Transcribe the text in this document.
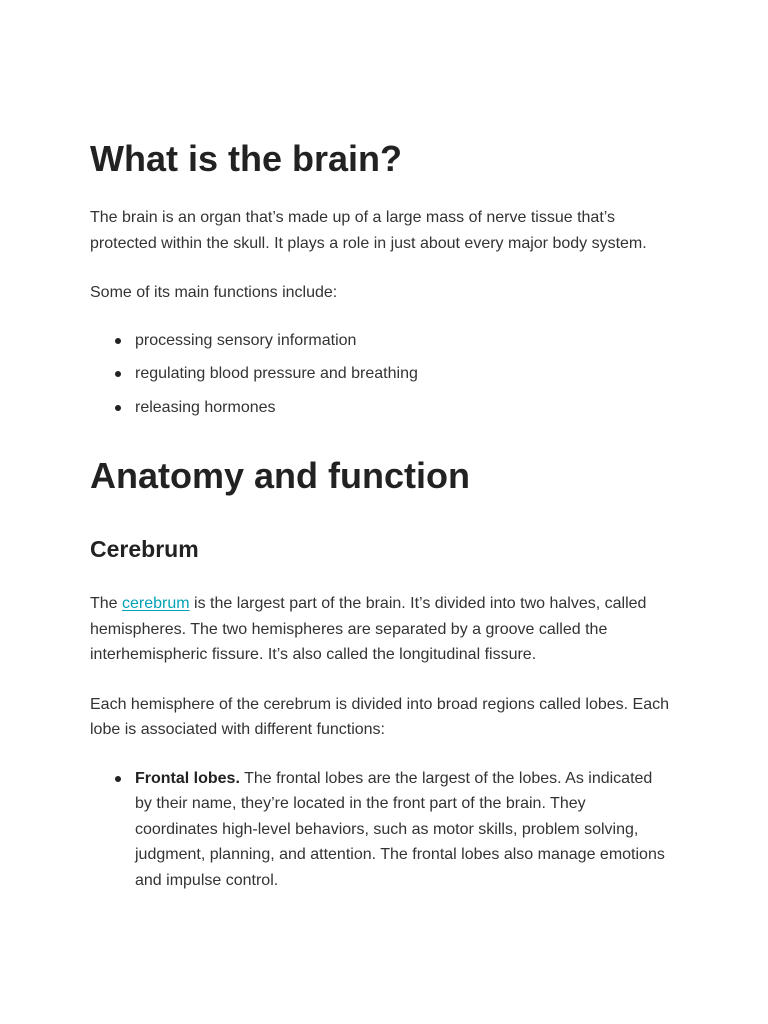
What is the brain?

The brain is an organ that’s made up of a large mass of nerve tissue that’s protected within the skull. It plays a role in just about every major body system.

Some of its main functions include:

processing sensory information
regulating blood pressure and breathing
releasing hormones
Anatomy and function
Cerebrum

The cerebrum is the largest part of the brain. It’s divided into two halves, called hemispheres. The two hemispheres are separated by a groove called the interhemispheric fissure. It’s also called the longitudinal fissure.

Each hemisphere of the cerebrum is divided into broad regions called lobes. Each lobe is associated with different functions:

Frontal lobes. The frontal lobes are the largest of the lobes. As indicated by their name, they’re located in the front part of the brain. They coordinates high-level behaviors, such as motor skills, problem solving, judgment, planning, and attention. The frontal lobes also manage emotions and impulse control.
